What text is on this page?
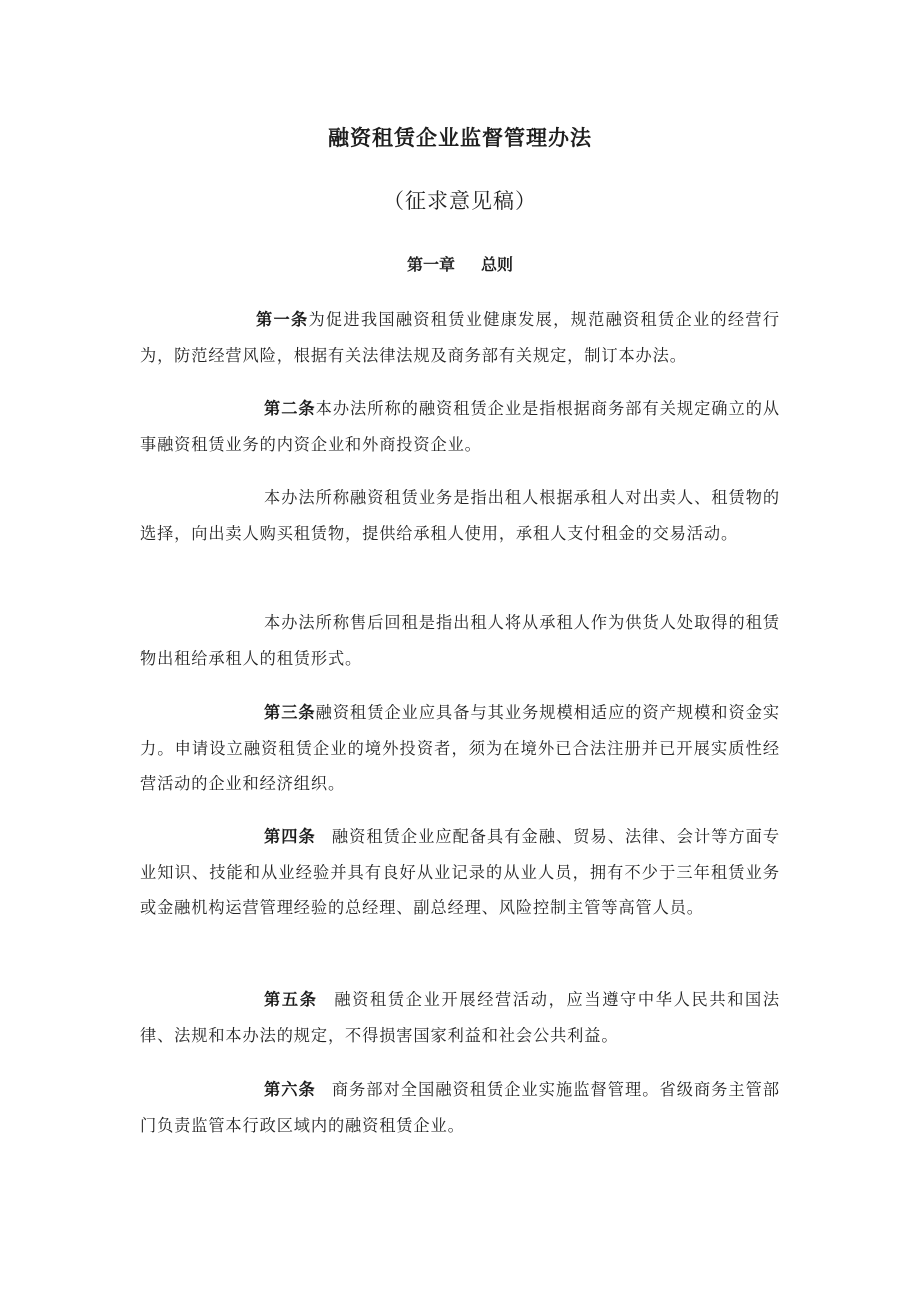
融资租赁企业监督管理办法
（征求意见稿）
第一章 总则

第一条为促进我国融资租赁业健康发展，规范融资租赁企业的经营行为，防范经营风险，根据有关法律法规及商务部有关规定，制订本办法。

第二条本办法所称的融资租赁企业是指根据商务部有关规定确立的从事融资租赁业务的内资企业和外商投资企业。

本办法所称融资租赁业务是指出租人根据承租人对出卖人、租赁物的选择，向出卖人购买租赁物，提供给承租人使用，承租人支付租金的交易活动。

本办法所称售后回租是指出租人将从承租人作为供货人处取得的租赁物出租给承租人的租赁形式。

第三条融资租赁企业应具备与其业务规模相适应的资产规模和资金实力。申请设立融资租赁企业的境外投资者，须为在境外已合法注册并已开展实质性经营活动的企业和经济组织。

第四条 融资租赁企业应配备具有金融、贸易、法律、会计等方面专业知识、技能和从业经验并具有良好从业记录的从业人员，拥有不少于三年租赁业务或金融机构运营管理经验的总经理、副总经理、风险控制主管等高管人员。

第五条 融资租赁企业开展经营活动，应当遵守中华人民共和国法律、法规和本办法的规定，不得损害国家利益和社会公共利益。

第六条 商务部对全国融资租赁企业实施监督管理。省级商务主管部门负责监管本行政区域内的融资租赁企业。
